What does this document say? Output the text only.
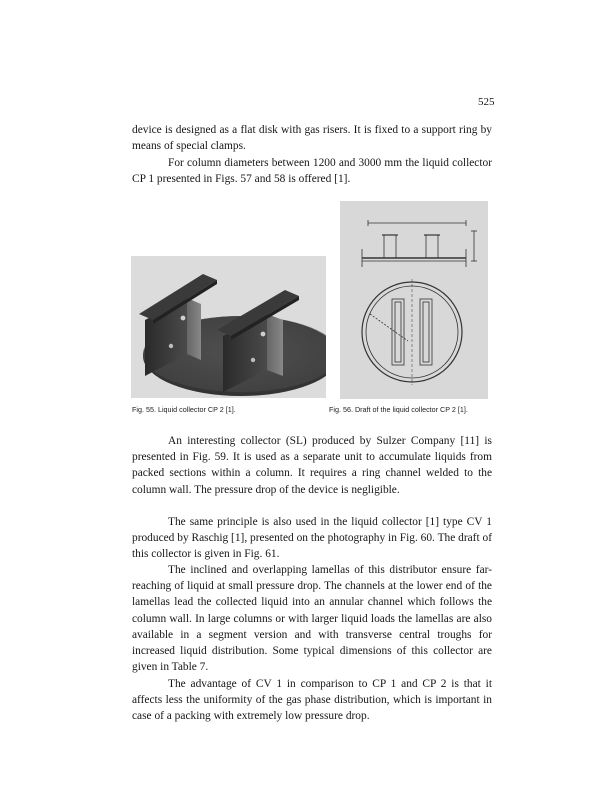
525

device is designed as a flat disk with gas risers. It is fixed to a support ring by means of special clamps.

For column diameters between 1200 and 3000 mm the liquid collector CP 1 presented in Figs. 57 and 58 is offered [1].

Fig. 55. Liquid collector CP 2 [1].	Fig. 56. Draft of the liquid collector CP 2 [1].

An interesting collector (SL) produced by Sulzer Company [11] is presented in Fig. 59. It is used as a separate unit to accumulate liquids from packed sections within a column. It requires a ring channel welded to the column wall. The pressure drop of the device is negligible.

The same principle is also used in the liquid collector [1] type CV 1 produced by Raschig [1], presented on the photography in Fig. 60. The draft of this collector is given in Fig. 61.

The inclined and overlapping lamellas of this distributor ensure far-reaching of liquid at small pressure drop. The channels at the lower end of the lamellas lead the collected liquid into an annular channel which follows the column wall. In large columns or with larger liquid loads the lamellas are also available in a segment version and with transverse central troughs for increased liquid distribution. Some typical dimensions of this collector are given in Table 7.

The advantage of CV 1 in comparison to CP 1 and CP 2 is that it affects less the uniformity of the gas phase distribution, which is important in case of a packing with extremely low pressure drop.
